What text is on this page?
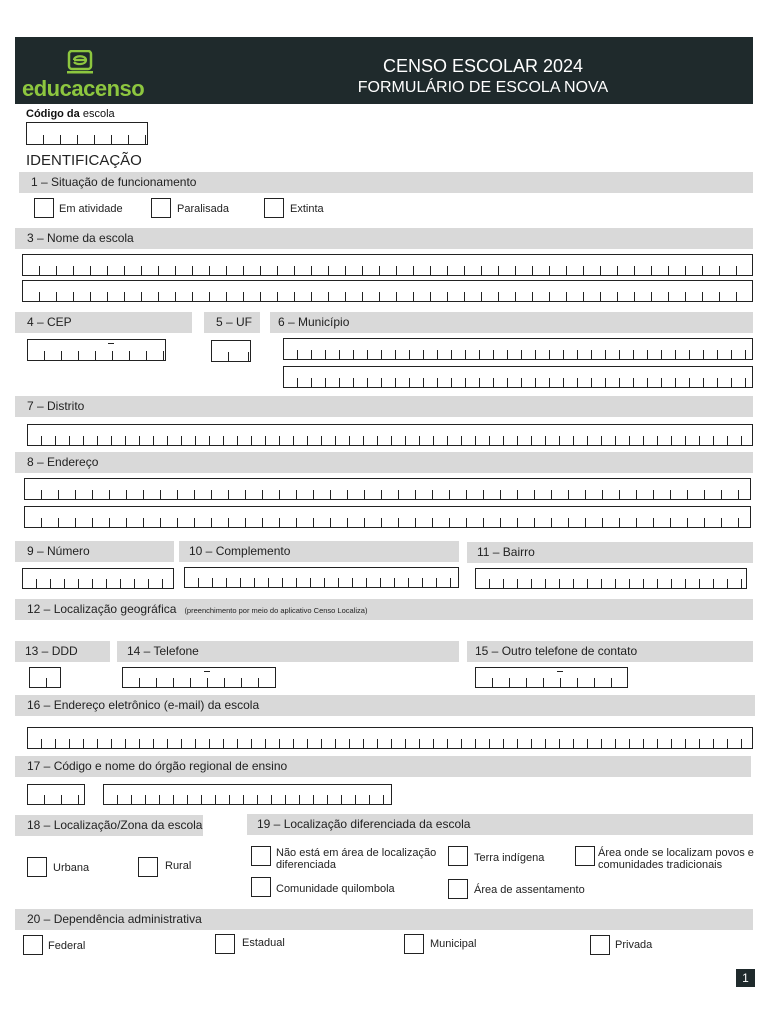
educacenso
CENSO ESCOLAR 2024
FORMULÁRIO DE ESCOLA NOVA
Código da escola
IDENTIFICAÇÃO
1 – Situação de funcionamento
Em atividade	Paralisada	Extinta
3 – Nome da escola
4 – CEP	5 – UF	6 – Município
7 – Distrito
8 – Endereço
9 – Número	10 – Complemento	11 – Bairro
12 – Localização geográfica (preenchimento por meio do aplicativo Censo Localiza)
13 – DDD	14 – Telefone	15 – Outro telefone de contato
16 – Endereço eletrônico (e-mail) da escola
17 – Código e nome do órgão regional de ensino
18 – Localização/Zona da escola
Urbana	Rural
19 – Localização diferenciada da escola
Não está em área de localização
diferenciada
Terra indígena	Área onde se localizam povos e
comunidades tradicionais
Comunidade quilombola	Área de assentamento
20 – Dependência administrativa
Federal	Estadual	Municipal	Privada
1
